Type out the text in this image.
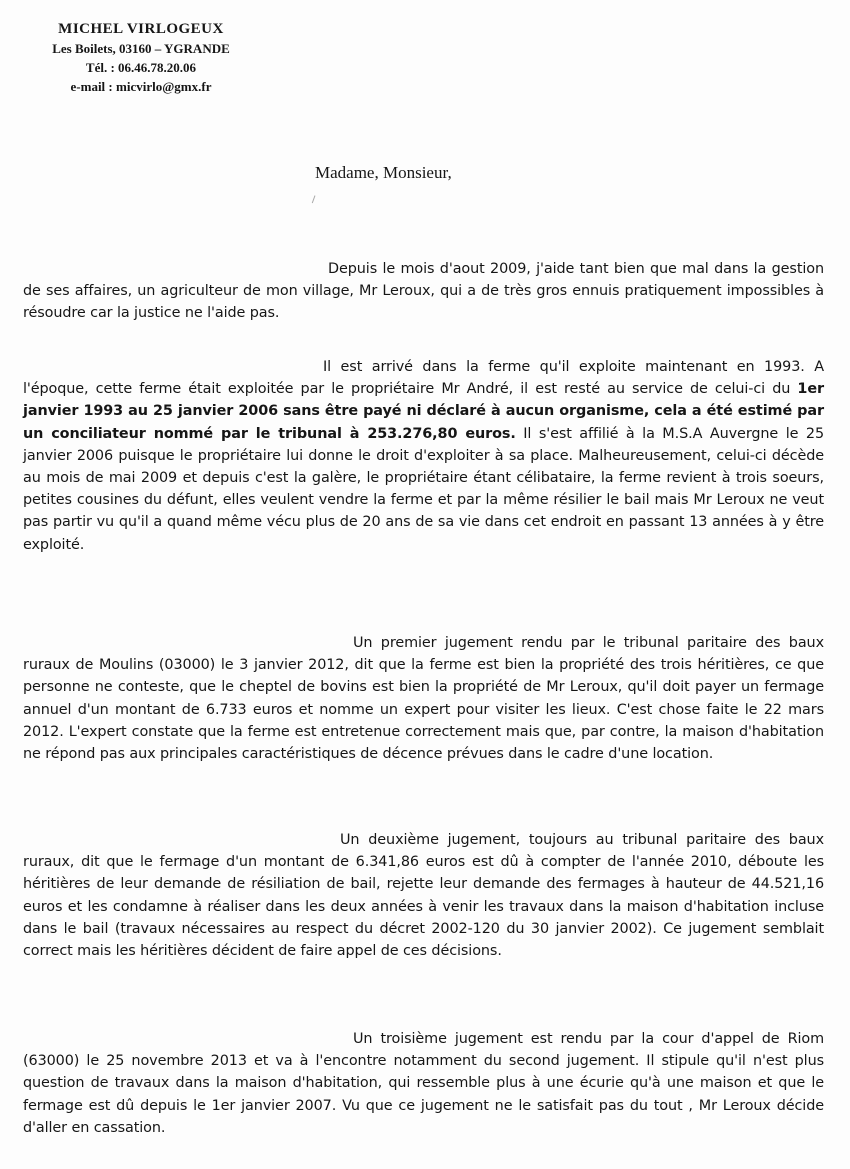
MICHEL VIRLOGEUX
Les Boilets, 03160 – YGRANDE
Tél. : 06.46.78.20.06
e-mail : micvirlo@gmx.fr
Madame, Monsieur,
Depuis le mois d'aout 2009, j'aide tant bien que mal dans la gestion de ses affaires, un agriculteur de mon village, Mr Leroux, qui a de très gros ennuis pratiquement impossibles à résoudre car la justice ne l'aide pas.
Il est arrivé dans la ferme qu'il exploite maintenant en 1993. A l'époque, cette ferme était exploitée par le propriétaire Mr André, il est resté au service de celui-ci du 1er janvier 1993 au 25 janvier 2006 sans être payé ni déclaré à aucun organisme, cela a été estimé par un conciliateur nommé par le tribunal à 253.276,80 euros. Il s'est affilié à la M.S.A Auvergne le 25 janvier 2006 puisque le propriétaire lui donne le droit d'exploiter à sa place. Malheureusement, celui-ci décède au mois de mai 2009 et depuis c'est la galère, le propriétaire étant célibataire, la ferme revient à trois soeurs, petites cousines du défunt, elles veulent vendre la ferme et par la même résilier le bail mais Mr Leroux ne veut pas partir vu qu'il a quand même vécu plus de 20 ans de sa vie dans cet endroit en passant 13 années à y être exploité.
Un premier jugement rendu par le tribunal paritaire des baux ruraux de Moulins (03000) le 3 janvier 2012, dit que la ferme est bien la propriété des trois héritières, ce que personne ne conteste, que le cheptel de bovins est bien la propriété de Mr Leroux, qu'il doit payer un fermage annuel d'un montant de 6.733 euros et nomme un expert pour visiter les lieux. C'est chose faite le 22 mars 2012. L'expert constate que la ferme est entretenue correctement mais que, par contre, la maison d'habitation ne répond pas aux principales caractéristiques de décence prévues dans le cadre d'une location.
Un deuxième jugement, toujours au tribunal paritaire des baux ruraux, dit que le fermage d'un montant de 6.341,86 euros est dû à compter de l'année 2010, déboute les héritières de leur demande de résiliation de bail, rejette leur demande des fermages à hauteur de 44.521,16 euros et les condamne à réaliser dans les deux années à venir les travaux dans la maison d'habitation incluse dans le bail (travaux nécessaires au respect du décret 2002-120 du 30 janvier 2002). Ce jugement semblait correct mais les héritières décident de faire appel de ces décisions.
Un troisième jugement est rendu par la cour d'appel de Riom (63000) le 25 novembre 2013 et va à l'encontre notamment du second jugement. Il stipule qu'il n'est plus question de travaux dans la maison d'habitation, qui ressemble plus à une écurie qu'à une maison et que le fermage est dû depuis le 1er janvier 2007. Vu que ce jugement ne le satisfait pas du tout , Mr Leroux décide d'aller en cassation.
